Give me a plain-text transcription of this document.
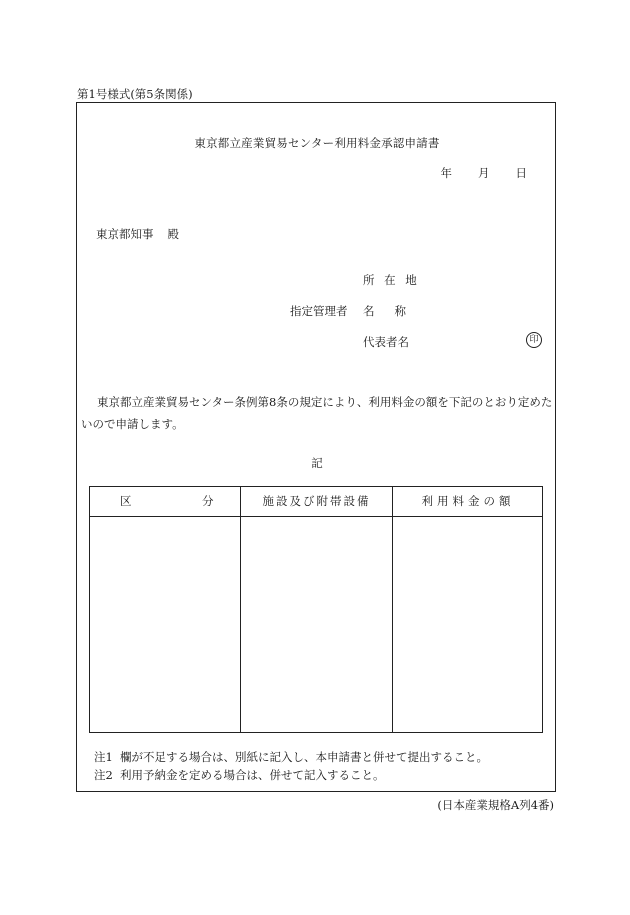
第1号様式(第5条関係)
東京都立産業貿易センター利用料金承認申請書
年 月 日
東京都知事 殿
所 在 地
指定管理者 名 称
代表者名	印
東京都立産業貿易センター条例第8条の規定により、利用料金の額を下記のとおり定めたいので申請します。
記
区	分	施設及び附帯設備	利用料金の額
注1 欄が不足する場合は、別紙に記入し、本申請書と併せて提出すること。
注2 利用予納金を定める場合は、併せて記入すること。
(日本産業規格A列4番)
